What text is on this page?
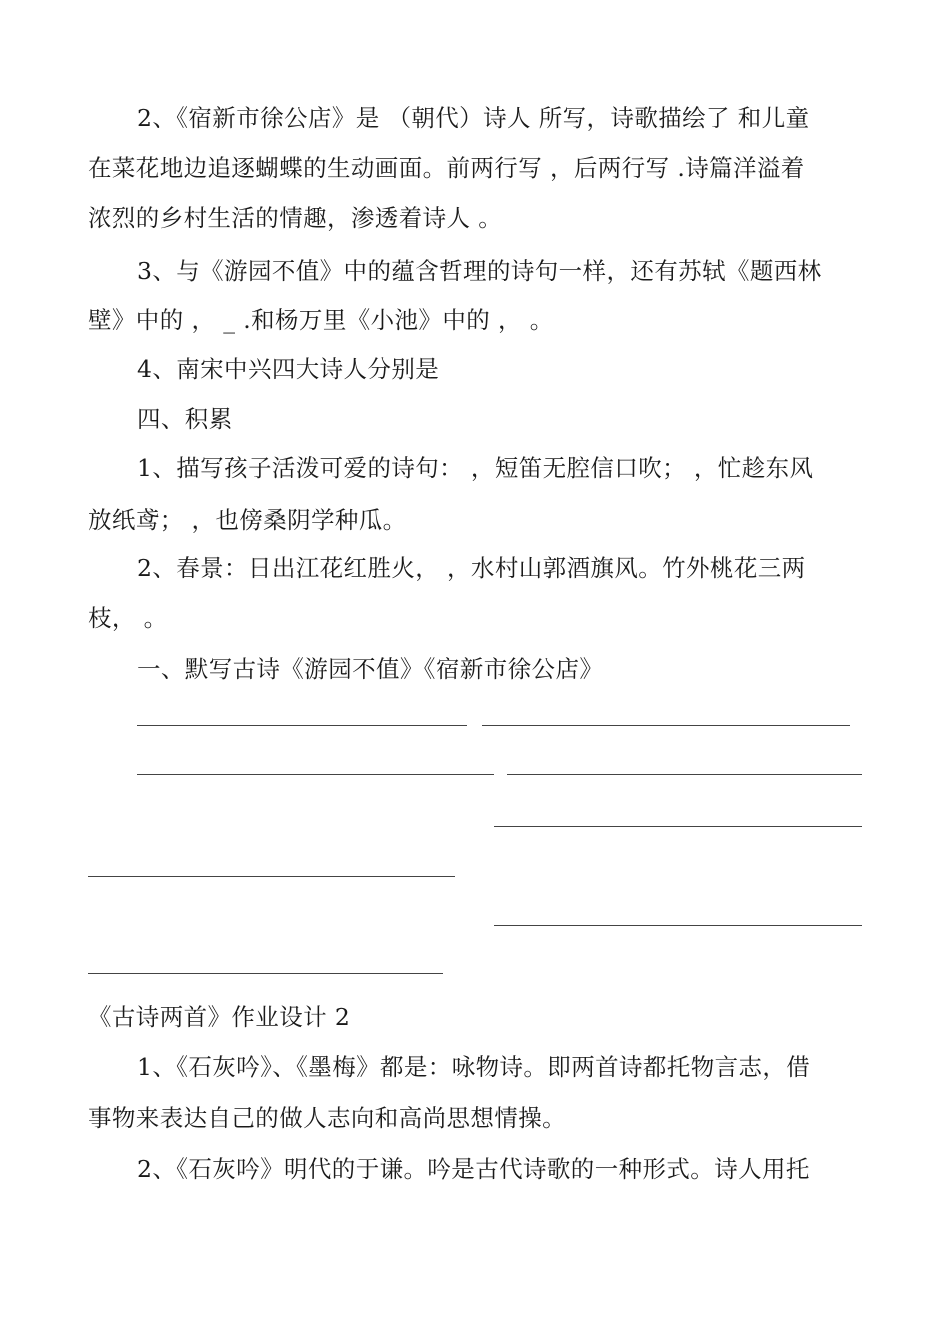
2、《宿新市徐公店》是 （朝代）诗人 所写，诗歌描绘了 和儿童
在菜花地边追逐蝴蝶的生动画面。前两行写 ，后两行写 .诗篇洋溢着
浓烈的乡村生活的情趣，渗透着诗人 。
3、与《游园不值》中的蕴含哲理的诗句一样，还有苏轼《题西林
壁》中的 ， _ .和杨万里《小池》中的 ， 。
4、南宋中兴四大诗人分别是
四、积累
1、描写孩子活泼可爱的诗句： ，短笛无腔信口吹； ，忙趁东风
放纸鸢； ，也傍桑阴学种瓜。
2、春景：日出江花红胜火， ，水村山郭酒旗风。竹外桃花三两
枝， 。
一、默写古诗《游园不值》《宿新市徐公店》
《古诗两首》作业设计 2
1、《石灰吟》、《墨梅》都是：咏物诗。即两首诗都托物言志，借
事物来表达自己的做人志向和高尚思想情操。
2、《石灰吟》明代的于谦。吟是古代诗歌的一种形式。诗人用托
